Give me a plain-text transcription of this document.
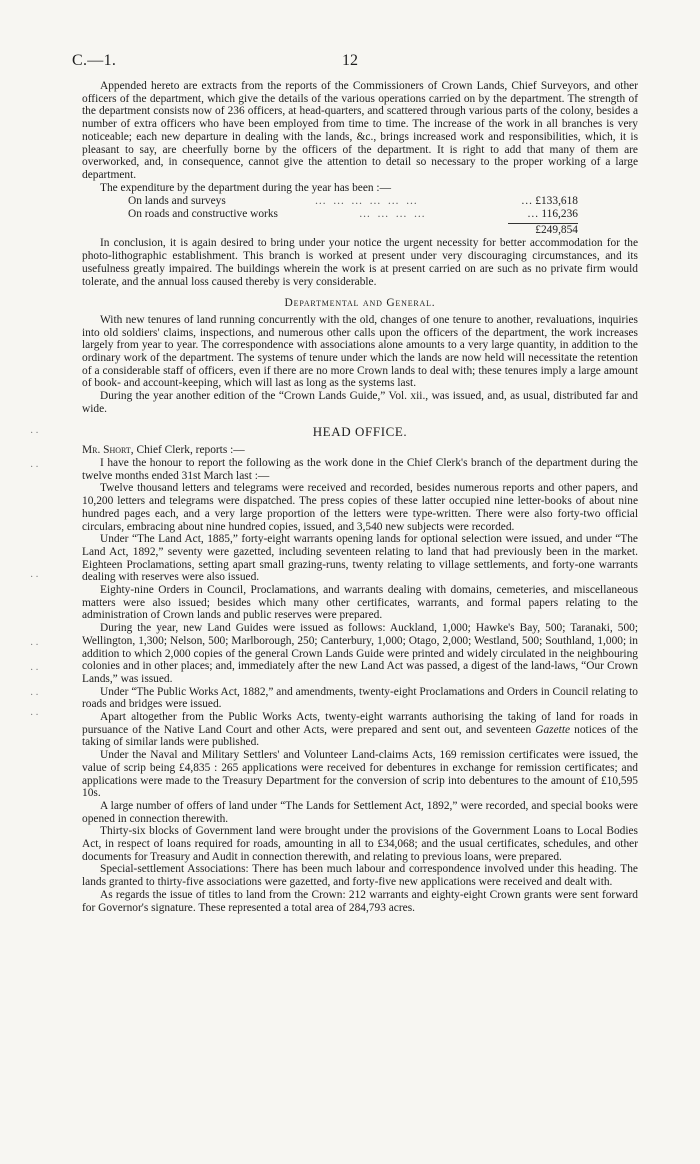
C.—1.	12
··
··
··
··
··
··
··

Appended hereto are extracts from the reports of the Commissioners of Crown Lands, Chief Surveyors, and other officers of the department, which give the details of the various operations carried on by the department. The strength of the department consists now of 236 officers, at head-quarters, and scattered through various parts of the colony, besides a number of extra officers who have been employed from time to time. The increase of the work in all branches is very noticeable; each new departure in dealing with the lands, &c., brings increased work and responsibilities, which, it is pleasant to say, are cheerfully borne by the officers of the department. It is right to add that many of them are overworked, and, in consequence, cannot give the attention to detail so necessary to the proper working of a large department.

The expenditure by the department during the year has been :—

On lands and surveys	… … … … … …	… £133,618
On roads and constructive works	… … … …	… 116,236
£249,854

In conclusion, it is again desired to bring under your notice the urgent necessity for better accommodation for the photo-lithographic establishment. This branch is worked at present under very discouraging circumstances, and its usefulness greatly impaired. The buildings wherein the work is at present carried on are such as no private firm would tolerate, and the annual loss caused thereby is very considerable.

Departmental and General.

With new tenures of land running concurrently with the old, changes of one tenure to another, revaluations, inquiries into old soldiers' claims, inspections, and numerous other calls upon the officers of the department, the work increases largely from year to year. The correspondence with associations alone amounts to a very large quantity, in addition to the ordinary work of the department. The systems of tenure under which the lands are now held will necessitate the retention of a considerable staff of officers, even if there are no more Crown lands to deal with; these tenures imply a large amount of book- and account-keeping, which will last as long as the systems last.

During the year another edition of the “Crown Lands Guide,” Vol. xii., was issued, and, as usual, distributed far and wide.

HEAD OFFICE.

Mr. Short, Chief Clerk, reports :—

I have the honour to report the following as the work done in the Chief Clerk's branch of the department during the twelve months ended 31st March last :—

Twelve thousand letters and telegrams were received and recorded, besides numerous reports and other papers, and 10,200 letters and telegrams were dispatched. The press copies of these latter occupied nine letter-books of about nine hundred pages each, and a very large proportion of the letters were type-written. There were also forty-two official circulars, embracing about nine hundred copies, issued, and 3,540 new subjects were recorded.

Under “The Land Act, 1885,” forty-eight warrants opening lands for optional selection were issued, and under “The Land Act, 1892,” seventy were gazetted, including seventeen relating to land that had previously been in the market. Eighteen Proclamations, setting apart small grazing-runs, twenty relating to village settlements, and forty-one warrants dealing with reserves were also issued.

Eighty-nine Orders in Council, Proclamations, and warrants dealing with domains, cemeteries, and miscellaneous matters were also issued; besides which many other certificates, warrants, and formal papers relating to the administration of Crown lands and public reserves were prepared.

During the year, new Land Guides were issued as follows: Auckland, 1,000; Hawke's Bay, 500; Taranaki, 500; Wellington, 1,300; Nelson, 500; Marlborough, 250; Canterbury, 1,000; Otago, 2,000; Westland, 500; Southland, 1,000; in addition to which 2,000 copies of the general Crown Lands Guide were printed and widely circulated in the neighbouring colonies and in other places; and, immediately after the new Land Act was passed, a digest of the land-laws, “Our Crown Lands,” was issued.

Under “The Public Works Act, 1882,” and amendments, twenty-eight Proclamations and Orders in Council relating to roads and bridges were issued.

Apart altogether from the Public Works Acts, twenty-eight warrants authorising the taking of land for roads in pursuance of the Native Land Court and other Acts, were prepared and sent out, and seventeen Gazette notices of the taking of similar lands were published.

Under the Naval and Military Settlers' and Volunteer Land-claims Acts, 169 remission certificates were issued, the value of scrip being £4,835 : 265 applications were received for debentures in exchange for remission certificates; and applications were made to the Treasury Department for the conversion of scrip into debentures to the amount of £10,595 10s.

A large number of offers of land under “The Lands for Settlement Act, 1892,” were recorded, and special books were opened in connection therewith.

Thirty-six blocks of Government land were brought under the provisions of the Government Loans to Local Bodies Act, in respect of loans required for roads, amounting in all to £34,068; and the usual certificates, schedules, and other documents for Treasury and Audit in connection therewith, and relating to previous loans, were prepared.

Special-settlement Associations: There has been much labour and correspondence involved under this heading. The lands granted to thirty-five associations were gazetted, and forty-five new applications were received and dealt with.

As regards the issue of titles to land from the Crown: 212 warrants and eighty-eight Crown grants were sent forward for Governor's signature. These represented a total area of 284,793 acres.
